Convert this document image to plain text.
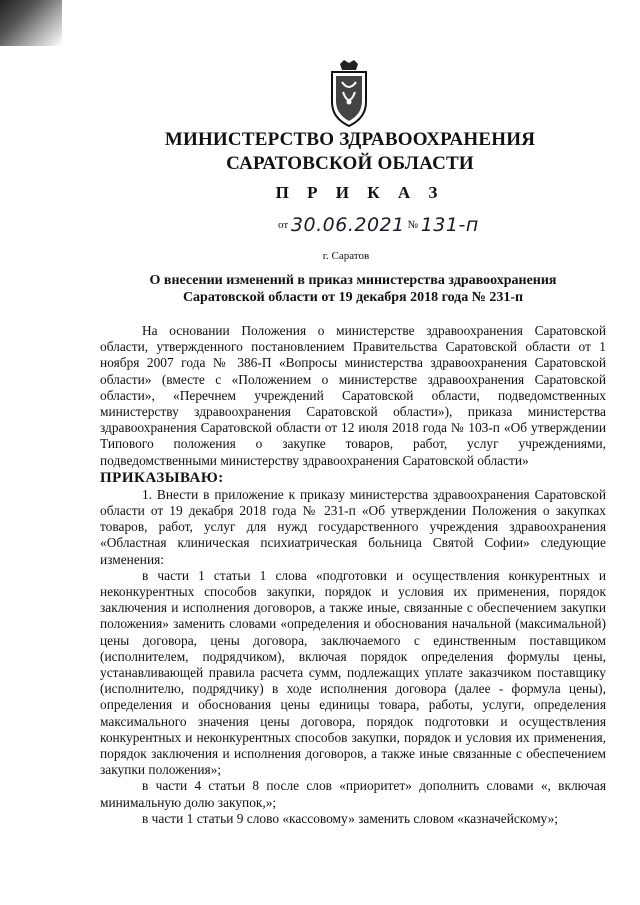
МИНИСТЕРСТВО ЗДРАВООХРАНЕНИЯ
САРАТОВСКОЙ ОБЛАСТИ
П Р И К А З
от 30.06.2021 № 131-п
г. Саратов
О внесении изменений в приказ министерства здравоохранения
Саратовской области от 19 декабря 2018 года № 231-п

На основании Положения о министерстве здравоохранения Саратовской области, утвержденного постановлением Правительства Саратовской области от 1 ноября 2007 года № 386-П «Вопросы министерства здравоохранения Саратовской области» (вместе с «Положением о министерстве здравоохранения Саратовской области», «Перечнем учреждений Саратовской области, подведомственных министерству здравоохранения Саратовской области»), приказа министерства здравоохранения Саратовской области от 12 июля 2018 года № 103-п «Об утверждении Типового положения о закупке товаров, работ, услуг учреждениями, подведомственными министерству здравоохранения Саратовской области»

ПРИКАЗЫВАЮ:

1. Внести в приложение к приказу министерства здравоохранения Саратовской области от 19 декабря 2018 года № 231-п «Об утверждении Положения о закупках товаров, работ, услуг для нужд государственного учреждения здравоохранения «Областная клиническая психиатрическая больница Святой Софии» следующие изменения:

в части 1 статьи 1 слова «подготовки и осуществления конкурентных и неконкурентных способов закупки, порядок и условия их применения, порядок заключения и исполнения договоров, а также иные, связанные с обеспечением закупки положения» заменить словами «определения и обоснования начальной (максимальной) цены договора, цены договора, заключаемого с единственным поставщиком (исполнителем, подрядчиком), включая порядок определения формулы цены, устанавливающей правила расчета сумм, подлежащих уплате заказчиком поставщику (исполнителю, подрядчику) в ходе исполнения договора (далее - формула цены), определения и обоснования цены единицы товара, работы, услуги, определения максимального значения цены договора, порядок подготовки и осуществления конкурентных и неконкурентных способов закупки, порядок и условия их применения, порядок заключения и исполнения договоров, а также иные связанные с обеспечением закупки положения»;

в части 4 статьи 8 после слов «приоритет» дополнить словами «, включая минимальную долю закупок,»;

в части 1 статьи 9 слово «кассовому» заменить словом «казначейскому»;
